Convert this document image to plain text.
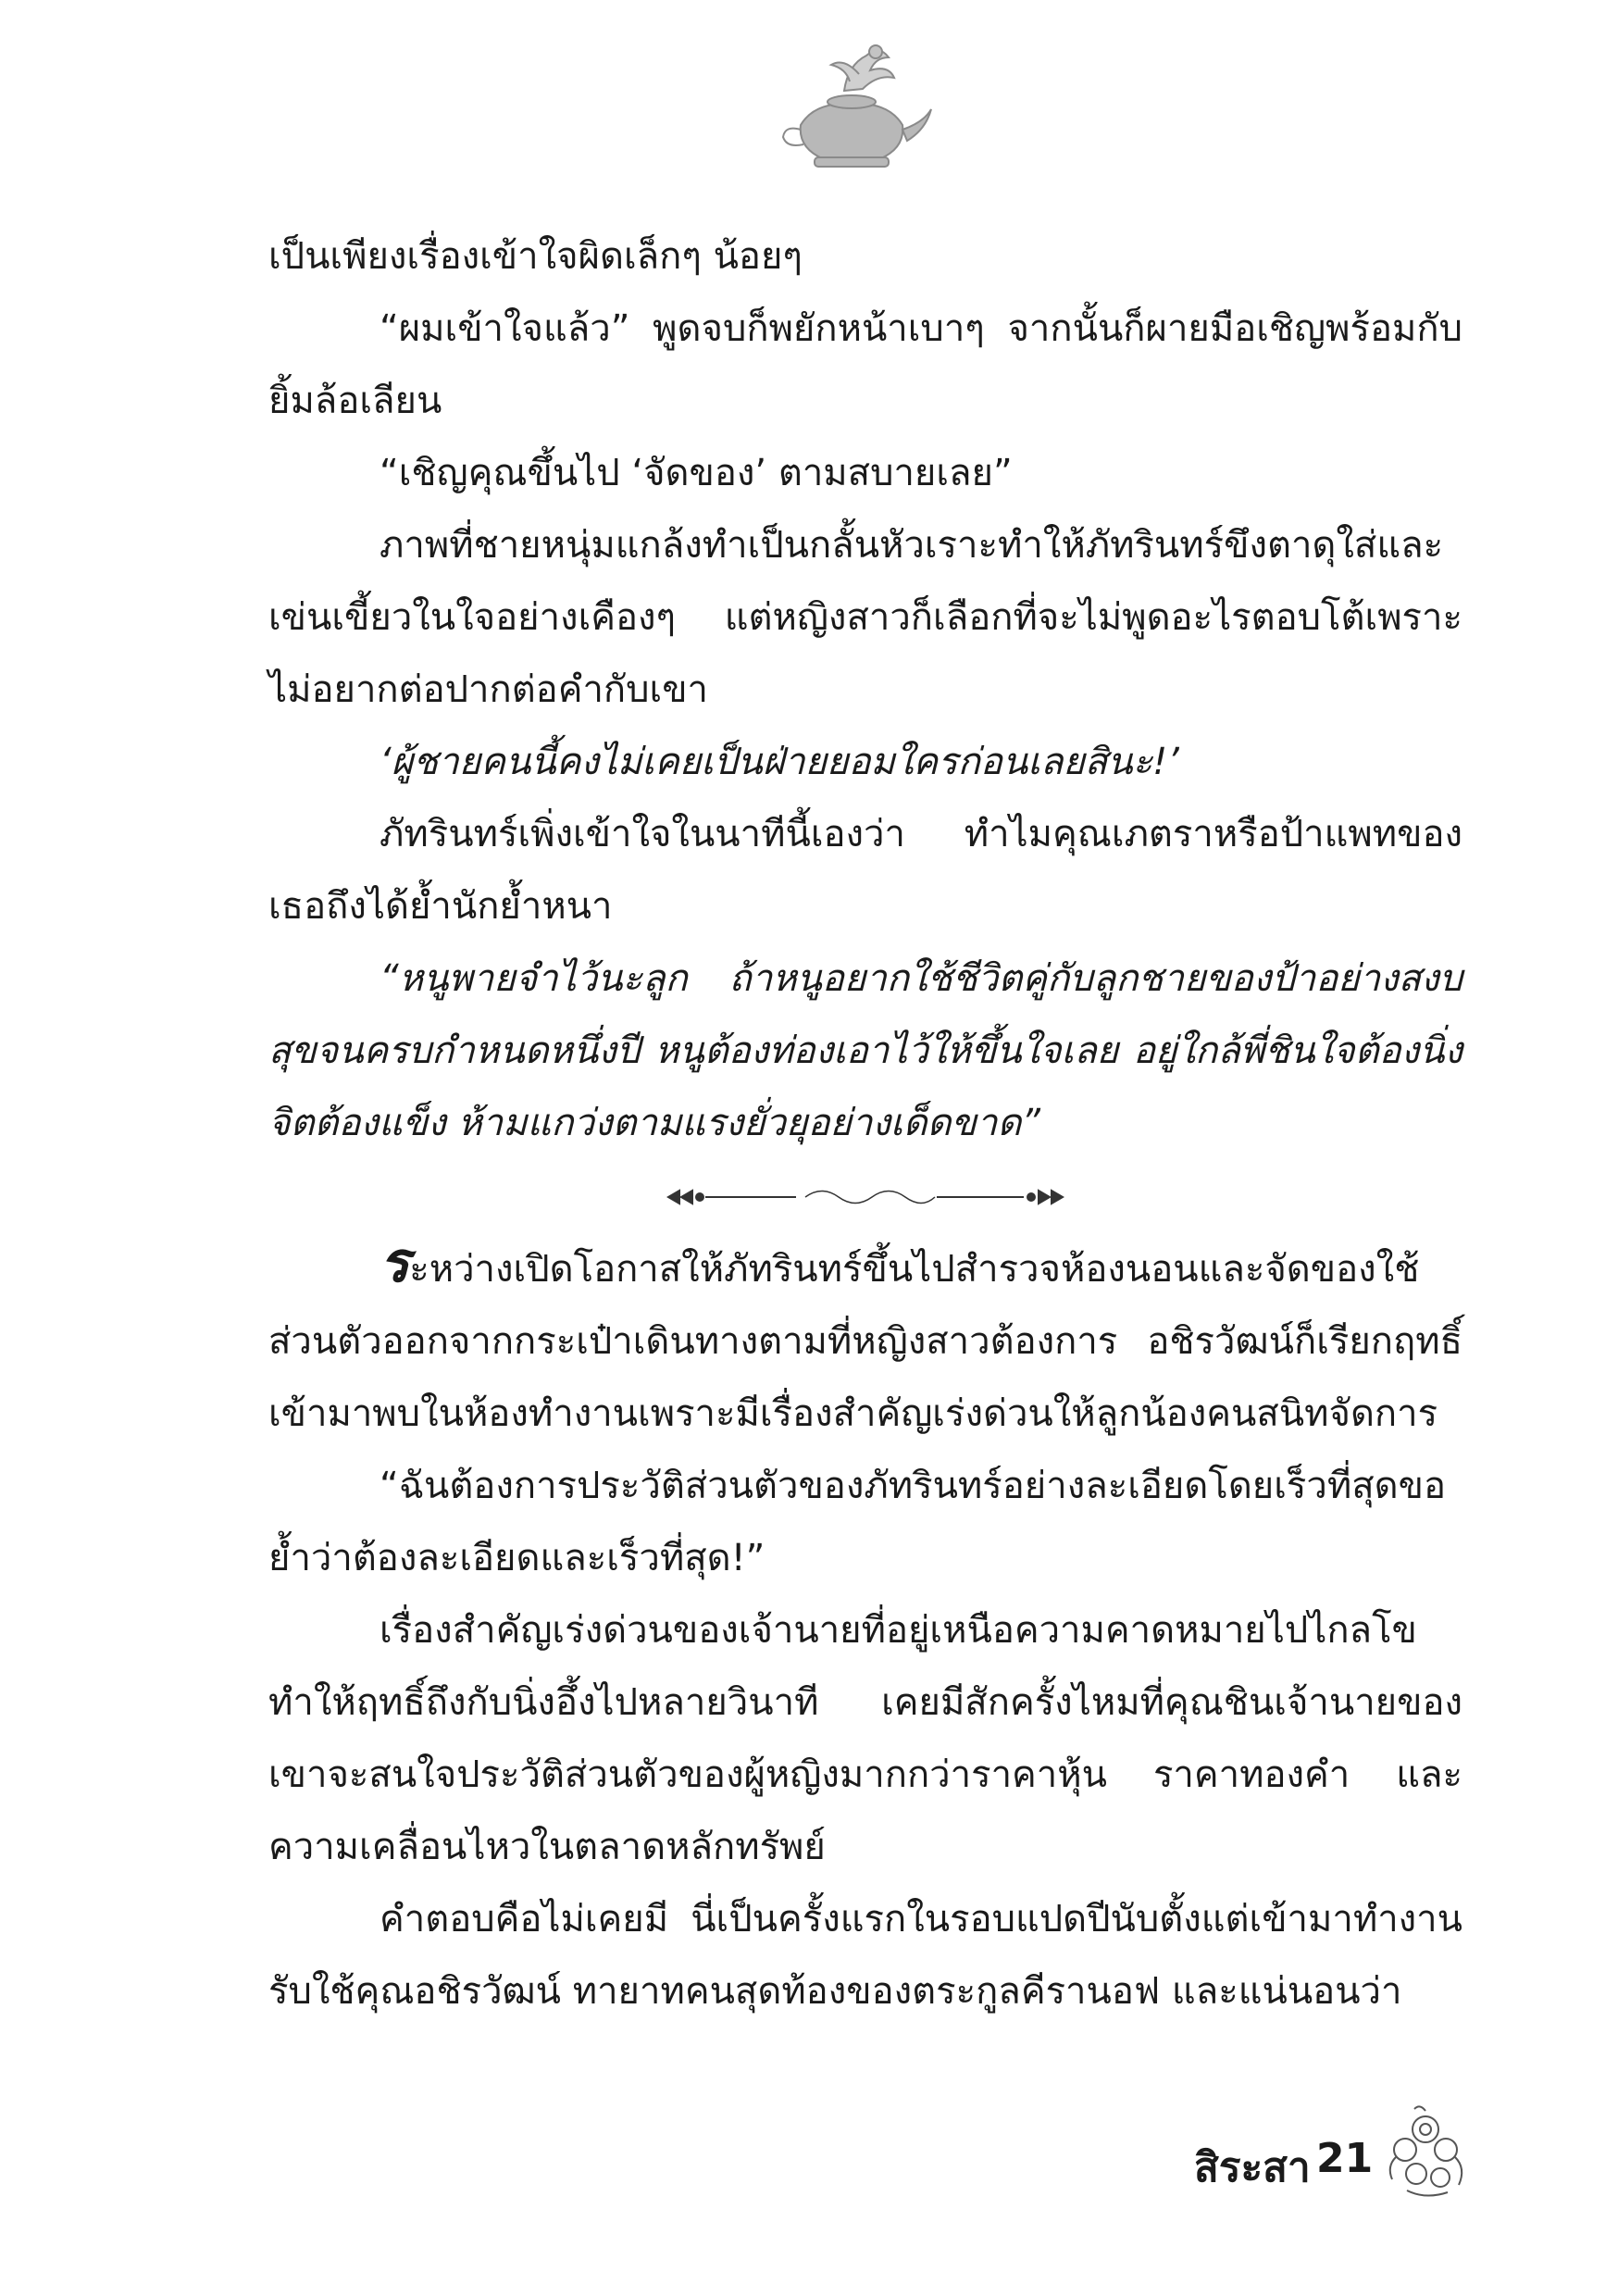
เป็นเพียงเรื่องเข้าใจผิดเล็กๆ น้อยๆ

“ผมเข้าใจแล้ว” พูดจบก็พยักหน้าเบาๆ จากนั้นก็ผายมือเชิญพร้อมกับยิ้มล้อเลียน

“เชิญคุณขึ้นไป ‘จัดของ’ ตามสบายเลย”

ภาพที่ชายหนุ่มแกล้งทำเป็นกลั้นหัวเราะทำให้ภัทรินทร์ขึงตาดุใส่และเข่นเขี้ยวในใจอย่างเคืองๆ แต่หญิงสาวก็เลือกที่จะไม่พูดอะไรตอบโต้เพราะไม่อยากต่อปากต่อคำกับเขา

‘ผู้ชายคนนี้คงไม่เคยเป็นฝ่ายยอมใครก่อนเลยสินะ!’

ภัทรินทร์เพิ่งเข้าใจในนาทีนี้เองว่า ทำไมคุณเภตราหรือป้าแพทของเธอถึงได้ย้ำนักย้ำหนา

“หนูพายจำไว้นะลูก ถ้าหนูอยากใช้ชีวิตคู่กับลูกชายของป้าอย่างสงบสุขจนครบกำหนดหนึ่งปี หนูต้องท่องเอาไว้ให้ขึ้นใจเลย อยู่ใกล้พี่ชินใจต้องนิ่ง จิตต้องแข็ง ห้ามแกว่งตามแรงยั่วยุอย่างเด็ดขาด”

ระหว่างเปิดโอกาสให้ภัทรินทร์ขึ้นไปสำรวจห้องนอนและจัดของใช้ส่วนตัวออกจากกระเป๋าเดินทางตามที่หญิงสาวต้องการ อชิรวัฒน์ก็เรียกฤทธิ์เข้ามาพบในห้องทำงานเพราะมีเรื่องสำคัญเร่งด่วนให้ลูกน้องคนสนิทจัดการ

“ฉันต้องการประวัติส่วนตัวของภัทรินทร์อย่างละเอียดโดยเร็วที่สุดขอย้ำว่าต้องละเอียดและเร็วที่สุด!”

เรื่องสำคัญเร่งด่วนของเจ้านายที่อยู่เหนือความคาดหมายไปไกลโขทำให้ฤทธิ์ถึงกับนิ่งอึ้งไปหลายวินาที เคยมีสักครั้งไหมที่คุณชินเจ้านายของเขาจะสนใจประวัติส่วนตัวของผู้หญิงมากกว่าราคาหุ้น ราคาทองคำ และความเคลื่อนไหวในตลาดหลักทรัพย์

คำตอบคือไม่เคยมี นี่เป็นครั้งแรกในรอบแปดปีนับตั้งแต่เข้ามาทำงานรับใช้คุณอชิรวัฒน์ ทายาทคนสุดท้องของตระกูลคีรานอฟ และแน่นอนว่า

สิระสา 21
